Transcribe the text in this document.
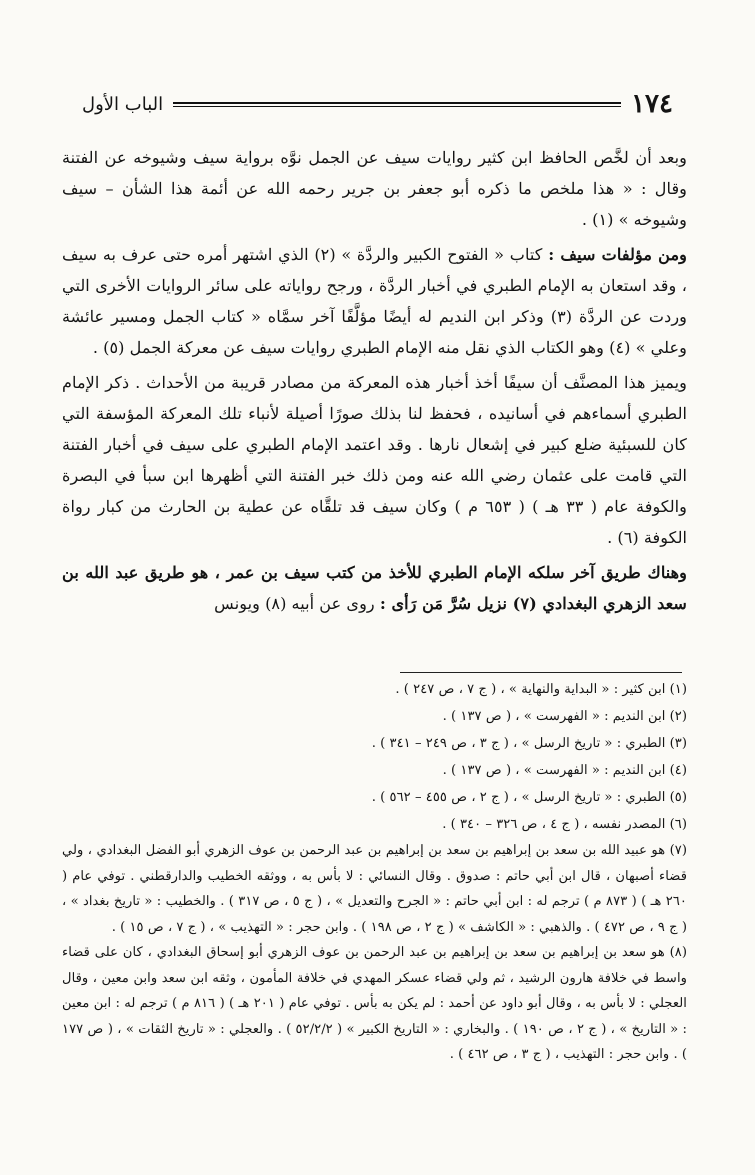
١٧٤
الباب الأول

وبعد أن لخَّص الحافظ ابن كثير روايات سيف عن الجمل نوَّه برواية سيف وشيوخه عن الفتنة وقال : « هذا ملخص ما ذكره أبو جعفر بن جرير رحمه الله عن أئمة هذا الشأن – سيف وشيوخه » (١) .

ومن مؤلفات سيف : كتاب « الفتوح الكبير والردَّة » (٢) الذي اشتهر أمره حتى عرف به سيف ، وقد استعان به الإمام الطبري في أخبار الردَّة ، ورجح رواياته على سائر الروايات الأخرى التي وردت عن الردَّة (٣) وذكر ابن النديم له أيضًا مؤلَّفًا آخر سمَّاه « كتاب الجمل ومسير عائشة وعلي » (٤) وهو الكتاب الذي نقل منه الإمام الطبري روايات سيف عن معركة الجمل (٥) .

ويميز هذا المصنَّف أن سيفًا أخذ أخبار هذه المعركة من مصادر قريبة من الأحداث . ذكر الإمام الطبري أسماءهم في أسانيده ، فحفظ لنا بذلك صورًا أصيلة لأنباء تلك المعركة المؤسفة التي كان للسبئية ضلع كبير في إشعال نارها . وقد اعتمد الإمام الطبري على سيف في أخبار الفتنة التي قامت على عثمان رضي الله عنه ومن ذلك خبر الفتنة التي أظهرها ابن سبأ في البصرة والكوفة عام ( ٣٣ هـ ) ( ٦٥٣ م ) وكان سيف قد تلقَّاه عن عطية بن الحارث من كبار رواة الكوفة (٦) .

وهناك طريق آخر سلكه الإمام الطبري للأخذ من كتب سيف بن عمر ، هو طريق عبد الله بن سعد الزهري البغدادي (٧) نزيل سُرَّ مَن رَأى : روى عن أبيه (٨) ويونس

(١) ابن كثير : « البداية والنهاية » ، ( ج ٧ ، ص ٢٤٧ ) .

(٢) ابن النديم : « الفهرست » ، ( ص ١٣٧ ) .

(٣) الطبري : « تاريخ الرسل » ، ( ج ٣ ، ص ٢٤٩ – ٣٤١ ) .

(٤) ابن النديم : « الفهرست » ، ( ص ١٣٧ ) .

(٥) الطبري : « تاريخ الرسل » ، ( ج ٢ ، ص ٤٥٥ – ٥٦٢ ) .

(٦) المصدر نفسه ، ( ج ٤ ، ص ٣٢٦ – ٣٤٠ ) .

(٧) هو عبيد الله بن سعد بن إبراهيم بن سعد بن إبراهيم بن عبد الرحمن بن عوف الزهري أبو الفضل البغدادي ، ولي قضاء أصبهان ، قال ابن أبي حاتم : صدوق . وقال النسائي : لا بأس به ، ووثقه الخطيب والدارقطني . توفي عام ( ٢٦٠ هـ ) ( ٨٧٣ م ) ترجم له : ابن أبي حاتم : « الجرح والتعديل » ، ( ج ٥ ، ص ٣١٧ ) . والخطيب : « تاريخ بغداد » ، ( ج ٩ ، ص ٤٧٢ ) . والذهبي : « الكاشف » ( ج ٢ ، ص ١٩٨ ) . وابن حجر : « التهذيب » ، ( ج ٧ ، ص ١٥ ) .

(٨) هو سعد بن إبراهيم بن سعد بن إبراهيم بن عبد الرحمن بن عوف الزهري أبو إسحاق البغدادي ، كان على قضاء واسط في خلافة هارون الرشيد ، ثم ولي قضاء عسكر المهدي في خلافة المأمون ، وثقه ابن سعد وابن معين ، وقال العجلي : لا بأس به ، وقال أبو داود عن أحمد : لم يكن به بأس . توفي عام ( ٢٠١ هـ ) ( ٨١٦ م ) ترجم له : ابن معين : « التاريخ » ، ( ج ٢ ، ص ١٩٠ ) . والبخاري : « التاريخ الكبير » ( ٥٢/٢/٢ ) . والعجلي : « تاريخ الثقات » ، ( ص ١٧٧ ) . وابن حجر : التهذيب ، ( ج ٣ ، ص ٤٦٢ ) .
